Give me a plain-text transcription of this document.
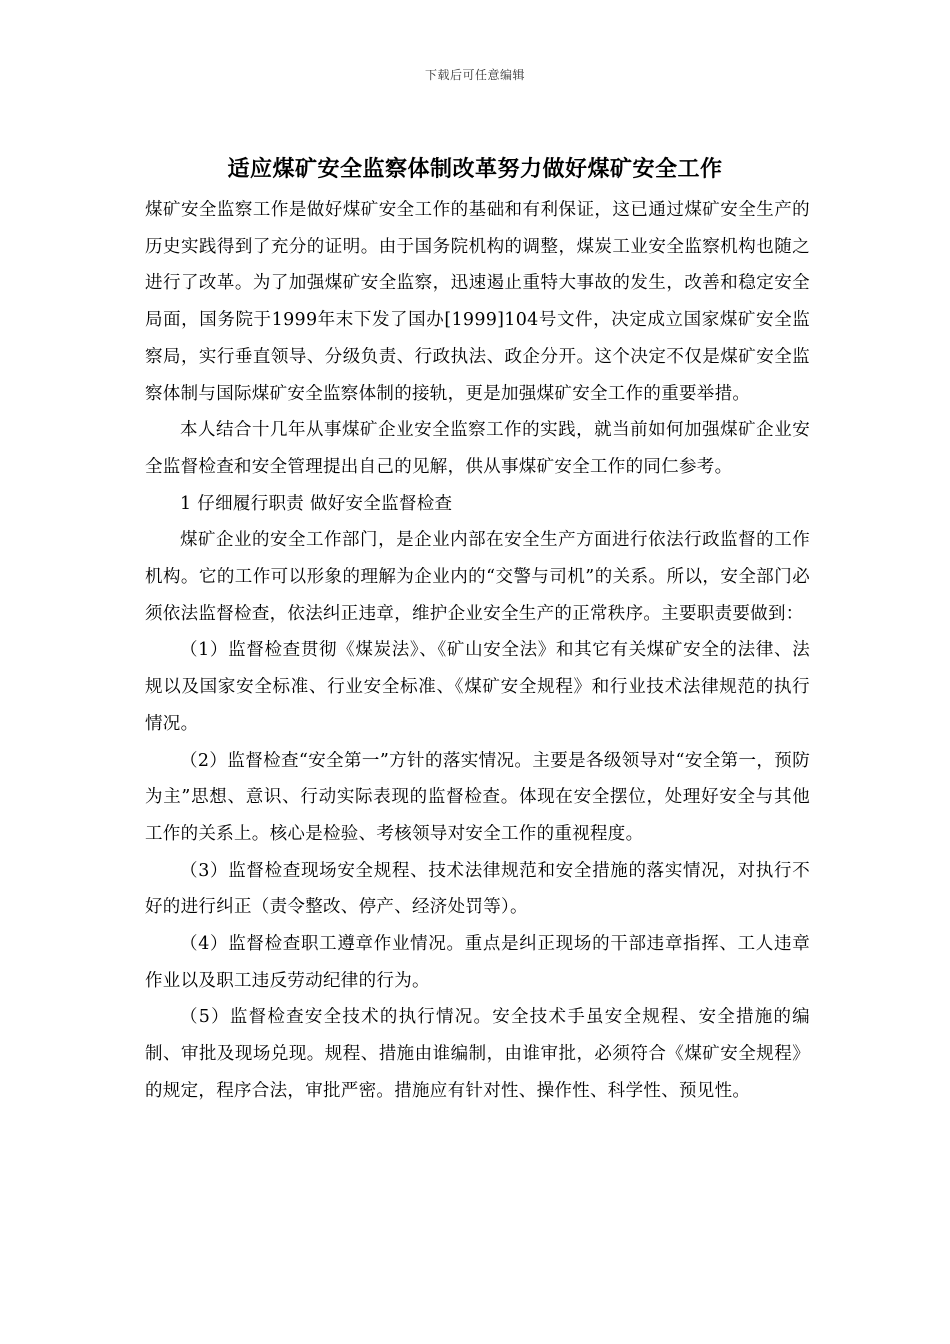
下载后可任意编辑
适应煤矿安全监察体制改革努力做好煤矿安全工作

煤矿安全监察工作是做好煤矿安全工作的基础和有利保证，这已通过煤矿安全生产的历史实践得到了充分的证明。由于国务院机构的调整，煤炭工业安全监察机构也随之进行了改革。为了加强煤矿安全监察，迅速遏止重特大事故的发生，改善和稳定安全局面，国务院于1999年末下发了国办[1999]104号文件，决定成立国家煤矿安全监察局，实行垂直领导、分级负责、行政执法、政企分开。这个决定不仅是煤矿安全监察体制与国际煤矿安全监察体制的接轨，更是加强煤矿安全工作的重要举措。

本人结合十几年从事煤矿企业安全监察工作的实践，就当前如何加强煤矿企业安全监督检查和安全管理提出自己的见解，供从事煤矿安全工作的同仁参考。

1 仔细履行职责 做好安全监督检查

煤矿企业的安全工作部门，是企业内部在安全生产方面进行依法行政监督的工作机构。它的工作可以形象的理解为企业内的“交警与司机”的关系。所以，安全部门必须依法监督检查，依法纠正违章，维护企业安全生产的正常秩序。主要职责要做到：

（1）监督检查贯彻《煤炭法》、《矿山安全法》和其它有关煤矿安全的法律、法规以及国家安全标准、行业安全标准、《煤矿安全规程》和行业技术法律规范的执行情况。

（2）监督检查“安全第一”方针的落实情况。主要是各级领导对“安全第一，预防为主”思想、意识、行动实际表现的监督检查。体现在安全摆位，处理好安全与其他工作的关系上。核心是检验、考核领导对安全工作的重视程度。

（3）监督检查现场安全规程、技术法律规范和安全措施的落实情况，对执行不好的进行纠正（责令整改、停产、经济处罚等）。

（4）监督检查职工遵章作业情况。重点是纠正现场的干部违章指挥、工人违章作业以及职工违反劳动纪律的行为。

（5）监督检查安全技术的执行情况。安全技术手虽安全规程、安全措施的编制、审批及现场兑现。规程、措施由谁编制，由谁审批，必须符合《煤矿安全规程》的规定，程序合法，审批严密。措施应有针对性、操作性、科学性、预见性。
